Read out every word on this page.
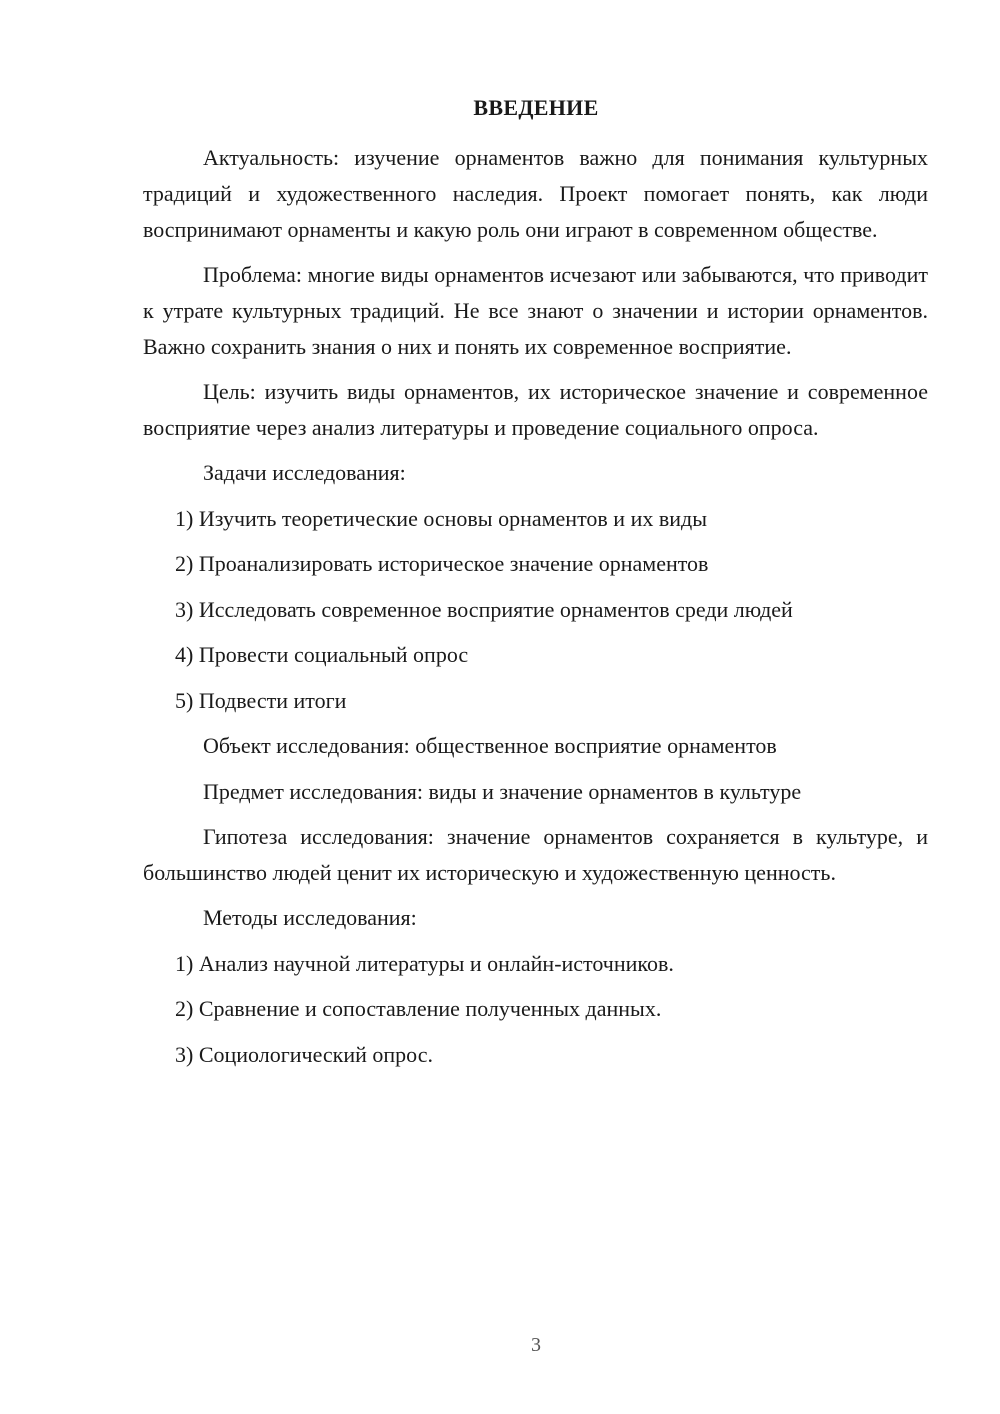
ВВЕДЕНИЕ

Актуальность: изучение орнаментов важно для понимания культурных традиций и художественного наследия. Проект помогает понять, как люди воспринимают орнаменты и какую роль они играют в современном обществе.

Проблема: многие виды орнаментов исчезают или забываются, что приводит к утрате культурных традиций. Не все знают о значении и истории орнаментов. Важно сохранить знания о них и понять их современное восприятие.

Цель: изучить виды орнаментов, их историческое значение и современное восприятие через анализ литературы и проведение социального опроса.

Задачи исследования:

1) Изучить теоретические основы орнаментов и их виды

2) Проанализировать историческое значение орнаментов

3) Исследовать современное восприятие орнаментов среди людей

4) Провести социальный опрос

5) Подвести итоги

Объект исследования: общественное восприятие орнаментов

Предмет исследования: виды и значение орнаментов в культуре

Гипотеза исследования: значение орнаментов сохраняется в культуре, и большинство людей ценит их историческую и художественную ценность.

Методы исследования:

1) Анализ научной литературы и онлайн-источников.

2) Сравнение и сопоставление полученных данных.

3) Социологический опрос.

3
